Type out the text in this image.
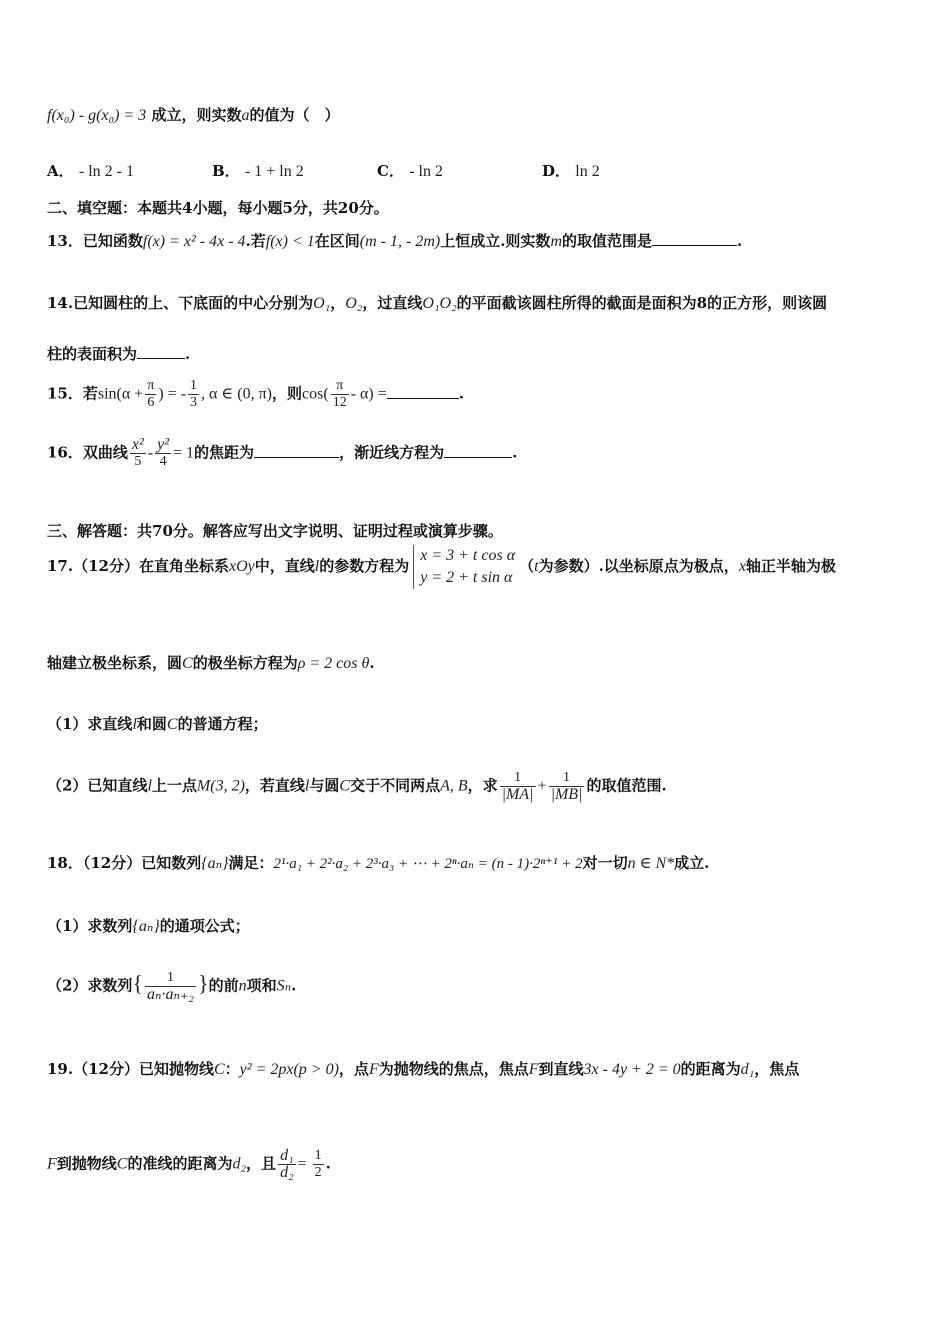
f(x₀) - g(x₀) = 3 成立，则实数a的值为（　）
A． - ln 2 - 1	B． - 1 + ln 2	C． - ln 2	D． ln 2
二、填空题：本题共4小题，每小题5分，共20分。
13．已知函数f(x) = x² - 4x - 4.若f(x) < 1在区间(m - 1, - 2m)上恒成立.则实数m的取值范围是	.
14.已知圆柱的上、下底面的中心分别为O₁，O₂，过直线O₁O₂的平面截该圆柱所得的截面是面积为8的正方形，则该圆
柱的表面积为	.
15．若$\sin(\alpha + \frac{\pi}{6}$ ) = - $\frac{1}{3}$ , α ∈ (0, π)，则$\cos( \frac{\pi}{12} - \alpha)$ =	.
16．双曲线 $\frac{\text{x²}}{5} - \frac{\text{y²}}{4} = 1$的焦距为	，渐近线方程为	.
三、解答题：共70分。解答应写出文字说明、证明过程或演算步骤。
17.（12分）在直角坐标系xOy中，直线l的参数方程为
x = 3 + t cos α
y = 2 + t sin α
（t为参数）.以坐标原点为极点，x轴正半轴为极
轴建立极坐标系，圆C的极坐标方程为ρ = 2 cos θ.
（1）求直线l和圆C的普通方程；
（2）已知直线l上一点M(3, 2)，若直线l与圆C交于不同两点A, B，求 $\frac{1}{|MA|} + \frac{1}{|MB|}$ 的取值范围.
18．（12分）已知数列{aₙ}满足：2¹·a₁ + 2²·a₂ + 2³·a₃ + ⋯ + 2ⁿ·aₙ = (n - 1)·2ⁿ⁺¹ + 2对一切n ∈ N*成立.
（1）求数列{aₙ}的通项公式；
（2）求数列{ $\frac{1}{\text{aₙ·aₙ₊₂}}$ }的前n项和Sₙ.
19.（12分）已知抛物线C：y² = 2px(p > 0)，点F为抛物线的焦点，焦点F到直线3x - 4y + 2 = 0的距离为d₁，焦点
F到抛物线C的准线的距离为d₂，且 $\frac{\text{d₁}}{\text{d₂}} = \frac{1}{2}$ .
